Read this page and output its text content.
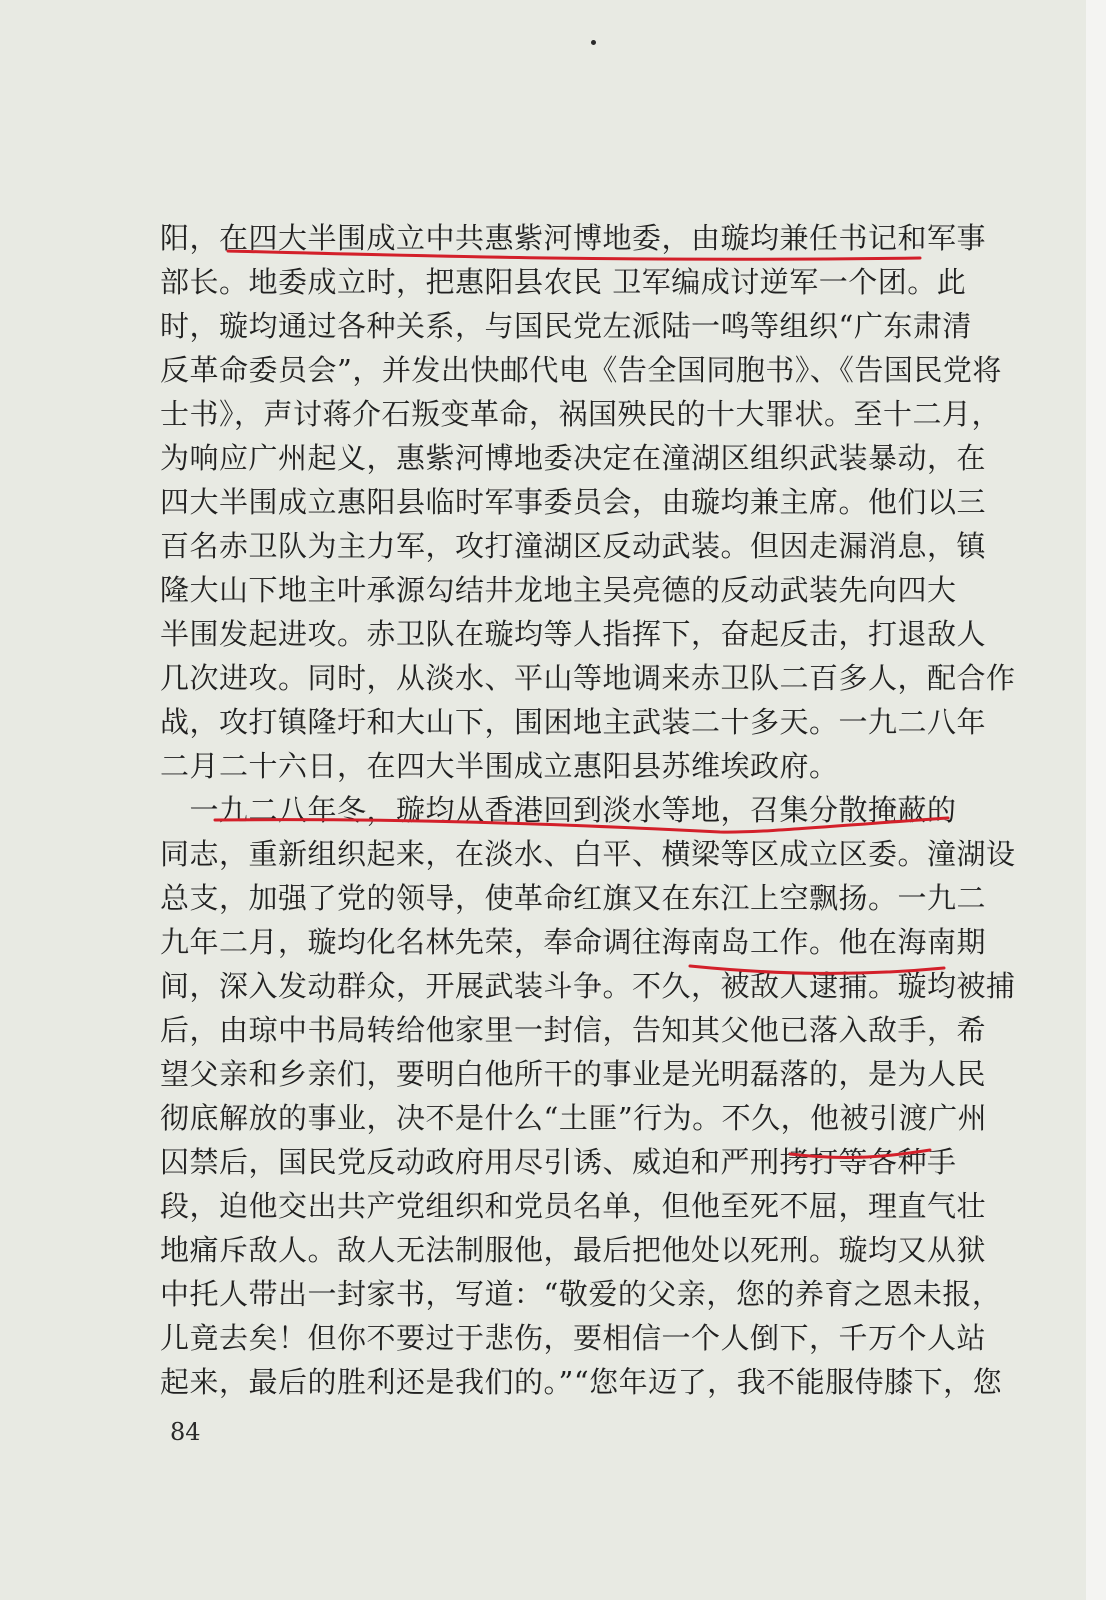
阳，在四大半围成立中共惠紫河博地委，由璇均兼任书记和军事
部长。地委成立时，把惠阳县农民 卫军编成讨逆军一个团。此
时，璇均通过各种关系，与国民党左派陆一鸣等组织“广东肃清
反革命委员会”，并发出快邮代电《告全国同胞书》、《告国民党将
士书》，声讨蒋介石叛变革命，祸国殃民的十大罪状。至十二月，
为响应广州起义，惠紫河博地委决定在潼湖区组织武装暴动，在
四大半围成立惠阳县临时军事委员会，由璇均兼主席。他们以三
百名赤卫队为主力军，攻打潼湖区反动武装。但因走漏消息，镇
隆大山下地主叶承源勾结井龙地主吴亮德的反动武装先向四大
半围发起进攻。赤卫队在璇均等人指挥下，奋起反击，打退敌人
几次进攻。同时，从淡水、平山等地调来赤卫队二百多人，配合作
战，攻打镇隆圩和大山下，围困地主武装二十多天。一九二八年
二月二十六日，在四大半围成立惠阳县苏维埃政府。
　一九二八年冬，璇均从香港回到淡水等地，召集分散掩蔽的
同志，重新组织起来，在淡水、白平、横梁等区成立区委。潼湖设
总支，加强了党的领导，使革命红旗又在东江上空飘扬。一九二
九年二月，璇均化名林先荣，奉命调往海南岛工作。他在海南期
间，深入发动群众，开展武装斗争。不久，被敌人逮捕。璇均被捕
后，由琼中书局转给他家里一封信，告知其父他已落入敌手，希
望父亲和乡亲们，要明白他所干的事业是光明磊落的，是为人民
彻底解放的事业，决不是什么“土匪”行为。不久，他被引渡广州
囚禁后，国民党反动政府用尽引诱、威迫和严刑拷打等各种手
段，迫他交出共产党组织和党员名单，但他至死不屈，理直气壮
地痛斥敌人。敌人无法制服他，最后把他处以死刑。璇均又从狱
中托人带出一封家书，写道：“敬爱的父亲，您的养育之恩未报，
儿竟去矣！但你不要过于悲伤，要相信一个人倒下，千万个人站
起来，最后的胜利还是我们的。”“您年迈了，我不能服侍膝下，您
84
